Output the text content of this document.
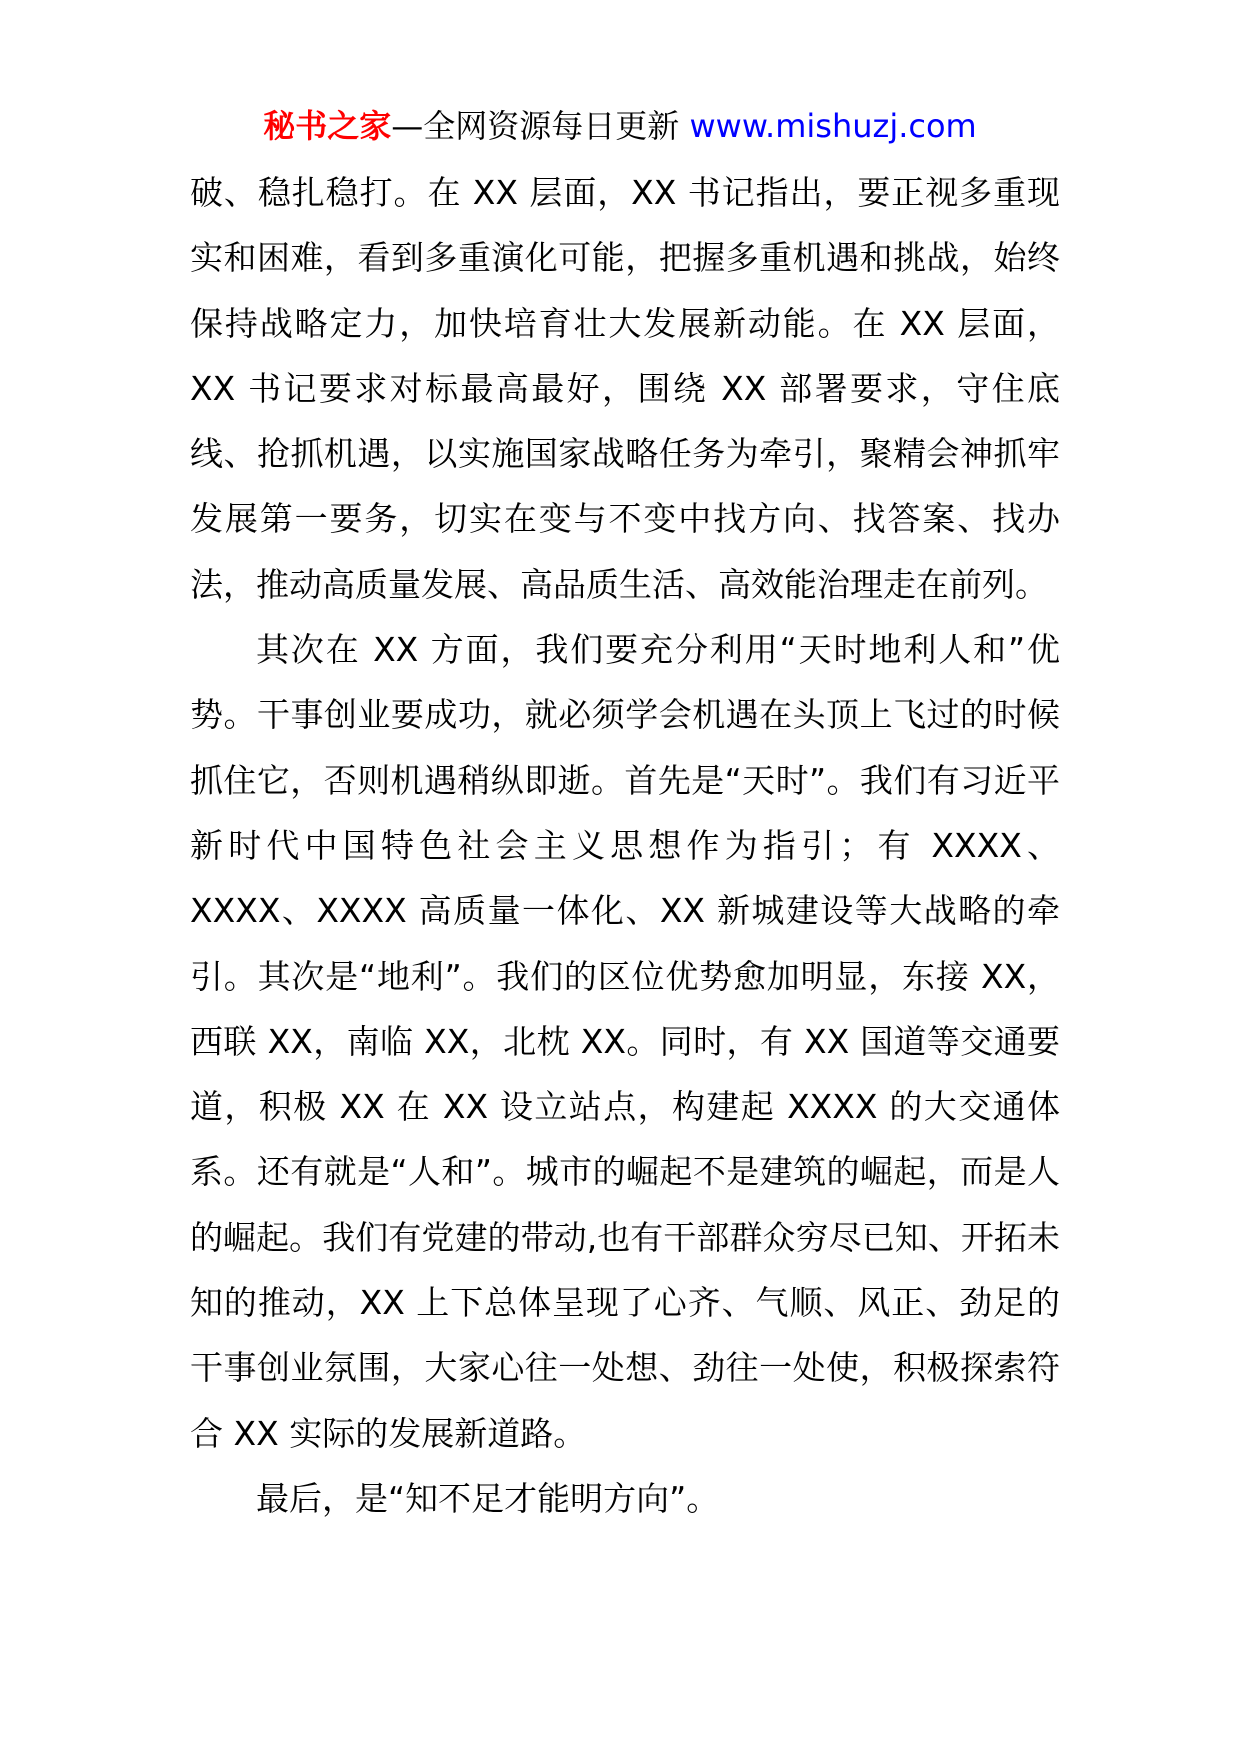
秘书之家—全网资源每日更新 www.mishuzj.com

破、稳扎稳打。在 XX 层面，XX 书记指出，要正视多重现实和困难，看到多重演化可能，把握多重机遇和挑战，始终保持战略定力，加快培育壮大发展新动能。在 XX 层面，XX 书记要求对标最高最好，围绕 XX 部署要求，守住底线、抢抓机遇，以实施国家战略任务为牵引，聚精会神抓牢发展第一要务，切实在变与不变中找方向、找答案、找办法，推动高质量发展、高品质生活、高效能治理走在前列。

其次在 XX 方面，我们要充分利用“天时地利人和”优势。干事创业要成功，就必须学会机遇在头顶上飞过的时候抓住它，否则机遇稍纵即逝。首先是“天时”。我们有习近平新时代中国特色社会主义思想作为指引；有 XXXX、XXXX、XXXX 高质量一体化、XX 新城建设等大战略的牵引。其次是“地利”。我们的区位优势愈加明显，东接 XX，西联 XX，南临 XX，北枕 XX。同时，有 XX 国道等交通要道，积极 XX 在 XX 设立站点，构建起 XXXX 的大交通体系。还有就是“人和”。城市的崛起不是建筑的崛起，而是人的崛起。我们有党建的带动,也有干部群众穷尽已知、开拓未知的推动，XX 上下总体呈现了心齐、气顺、风正、劲足的干事创业氛围，大家心往一处想、劲往一处使，积极探索符合 XX 实际的发展新道路。

最后，是“知不足才能明方向”。
